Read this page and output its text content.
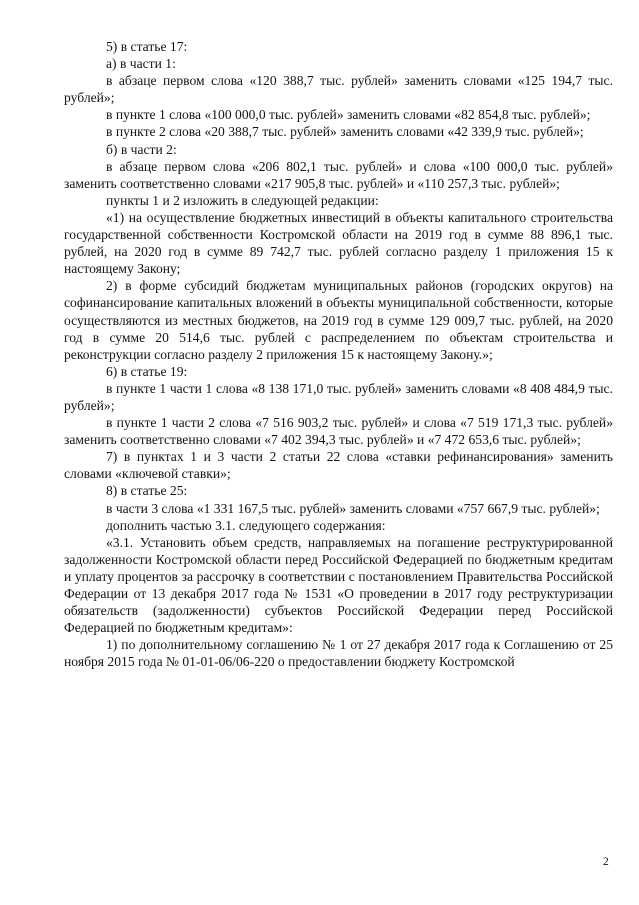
5) в статье 17:

а) в части 1:

в абзаце первом слова «120 388,7 тыс. рублей» заменить словами «125 194,7 тыс. рублей»;

в пункте 1 слова «100 000,0 тыс. рублей» заменить словами «82 854,8 тыс. рублей»;

в пункте 2 слова «20 388,7 тыс. рублей» заменить словами «42 339,9 тыс. рублей»;

б) в части 2:

в абзаце первом слова «206 802,1 тыс. рублей» и слова «100 000,0 тыс. рублей» заменить соответственно словами «217 905,8 тыс. рублей» и «110 257,3 тыс. рублей»;

пункты 1 и 2 изложить в следующей редакции:

«1) на осуществление бюджетных инвестиций в объекты капитального строительства государственной собственности Костромской области на 2019 год в сумме 88 896,1 тыс. рублей, на 2020 год в сумме 89 742,7 тыс. рублей согласно разделу 1 приложения 15 к настоящему Закону;

2) в форме субсидий бюджетам муниципальных районов (городских округов) на софинансирование капитальных вложений в объекты муниципальной собственности, которые осуществляются из местных бюджетов, на 2019 год в сумме 129 009,7 тыс. рублей, на 2020 год в сумме 20 514,6 тыс. рублей с распределением по объектам строительства и реконструкции согласно разделу 2 приложения 15 к настоящему Закону.»;

6) в статье 19:

в пункте 1 части 1 слова «8 138 171,0 тыс. рублей» заменить словами «8 408 484,9 тыс. рублей»;

в пункте 1 части 2 слова «7 516 903,2 тыс. рублей» и слова «7 519 171,3 тыс. рублей» заменить соответственно словами «7 402 394,3 тыс. рублей» и «7 472 653,6 тыс. рублей»;

7) в пунктах 1 и 3 части 2 статьи 22 слова «ставки рефинансирования» заменить словами «ключевой ставки»;

8) в статье 25:

в части 3 слова «1 331 167,5 тыс. рублей» заменить словами «757 667,9 тыс. рублей»;

дополнить частью 3.1. следующего содержания:

«3.1. Установить объем средств, направляемых на погашение реструктурированной задолженности Костромской области перед Российской Федерацией по бюджетным кредитам и уплату процентов за рассрочку в соответствии с постановлением Правительства Российской Федерации от 13 декабря 2017 года № 1531 «О проведении в 2017 году реструктуризации обязательств (задолженности) субъектов Российской Федерации перед Российской Федерацией по бюджетным кредитам»:

1) по дополнительному соглашению № 1 от 27 декабря 2017 года к Соглашению от 25 ноября 2015 года № 01-01-06/06-220 о предоставлении бюджету Костромской

2
